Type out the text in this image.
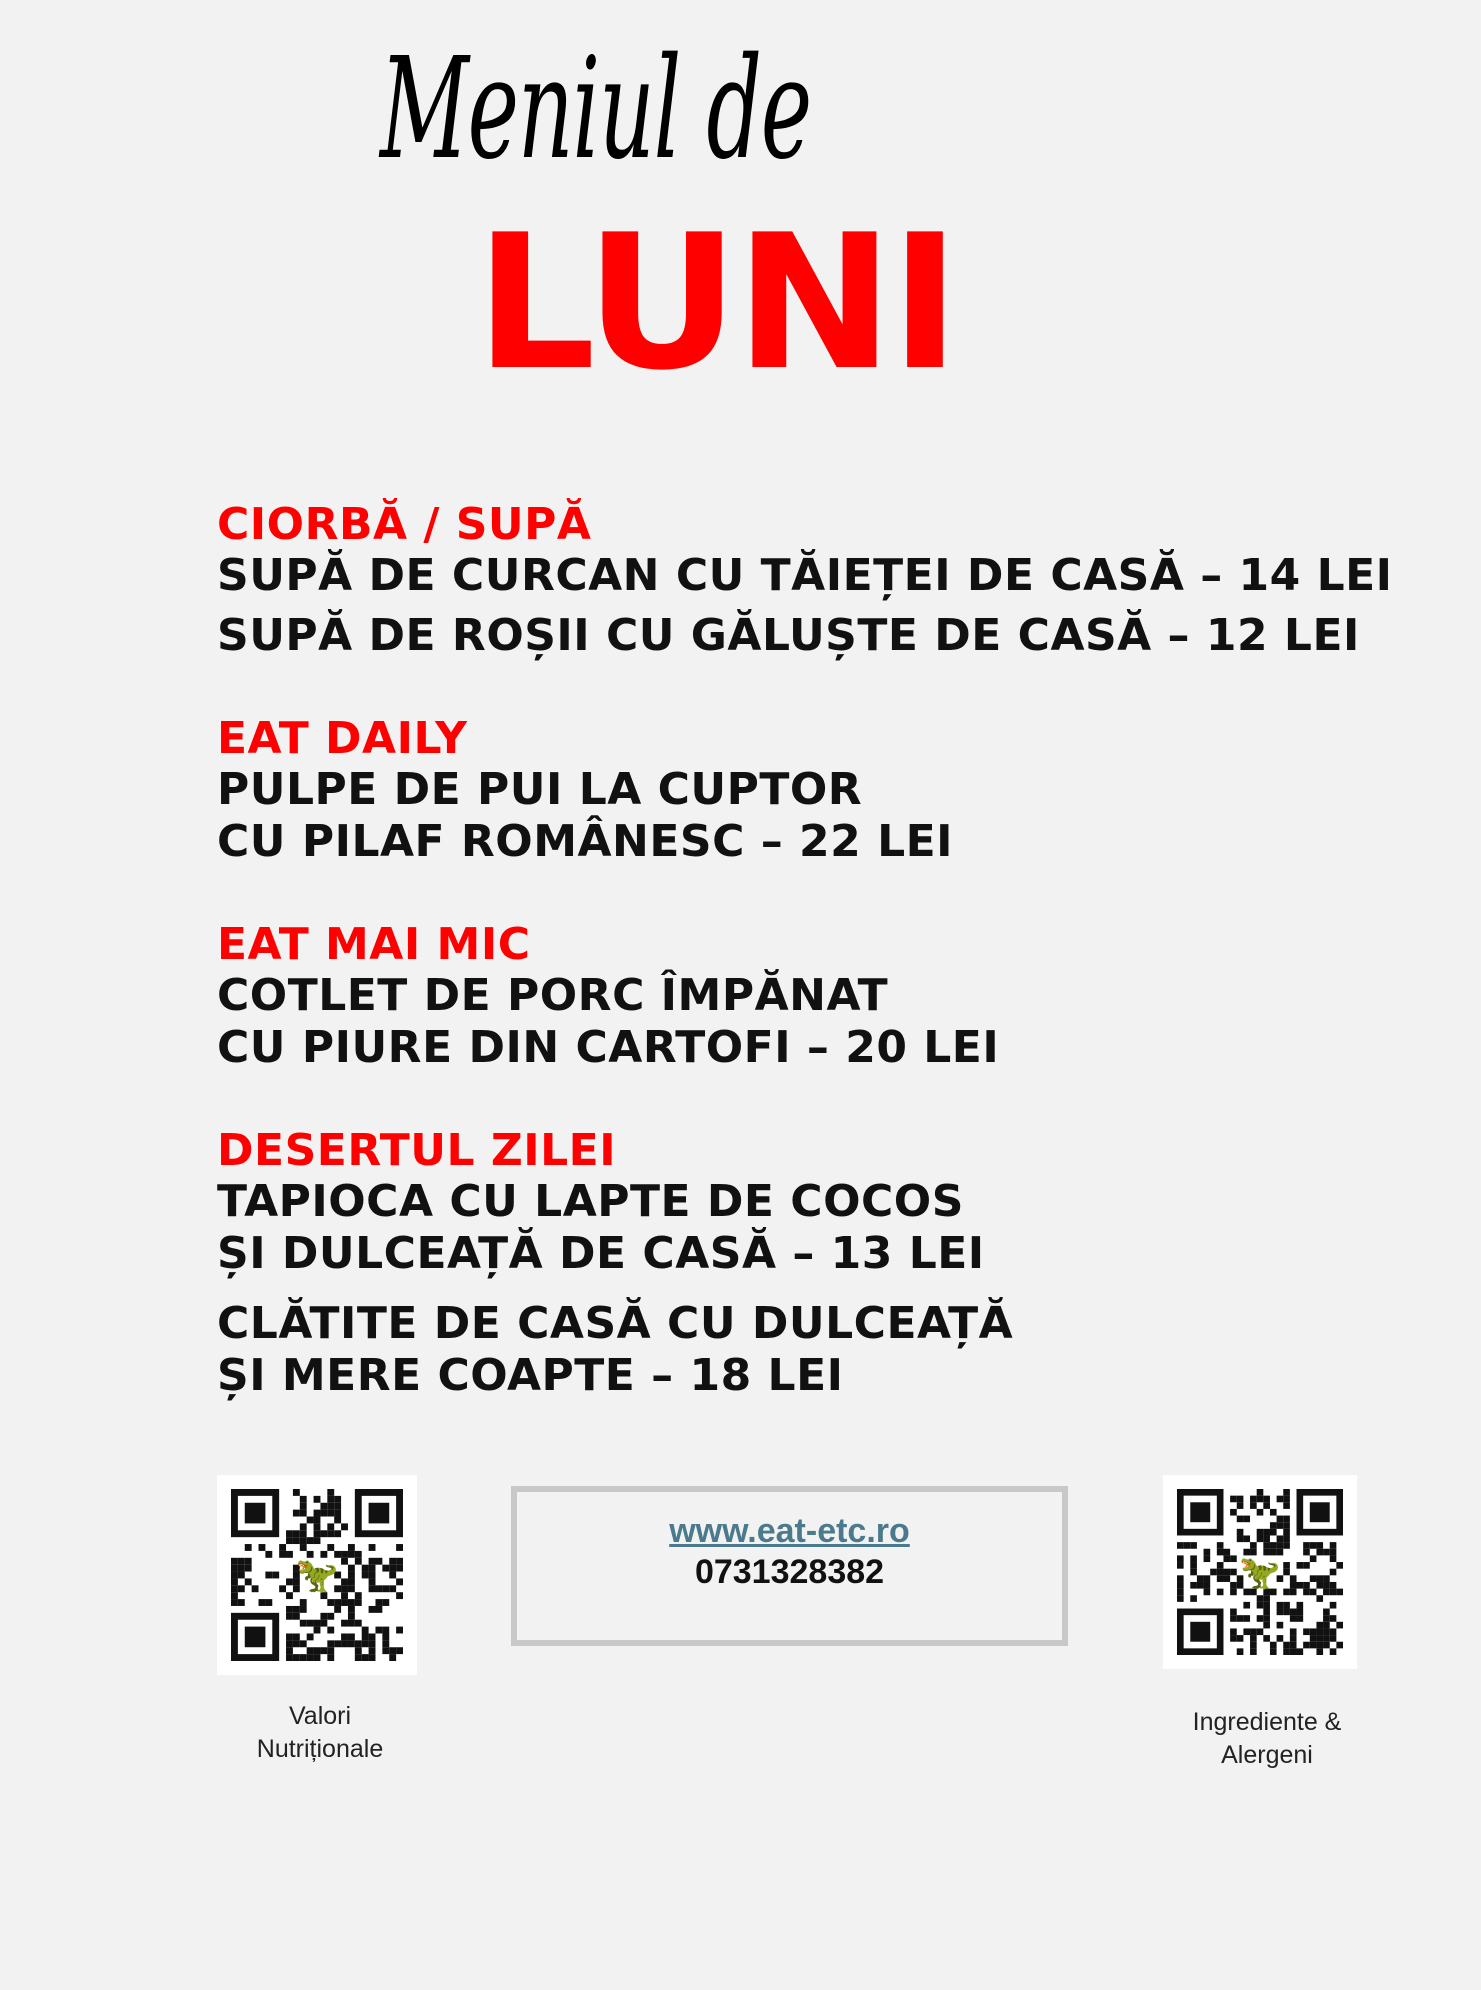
Meniul de
LUNI
CIORBĂ / SUPĂ
SUPĂ DE CURCAN CU TĂIEȚEI DE CASĂ – 14 LEI
SUPĂ DE ROȘII CU GĂLUȘTE DE CASĂ – 12 LEI
EAT DAILY
PULPE DE PUI LA CUPTOR
CU PILAF ROMÂNESC – 22 LEI
EAT MAI MIC
COTLET DE PORC ÎMPĂNAT
CU PIURE DIN CARTOFI – 20 LEI
DESERTUL ZILEI
TAPIOCA CU LAPTE DE COCOS
ȘI DULCEAȚĂ DE CASĂ – 13 LEI
CLĂTITE DE CASĂ CU DULCEAȚĂ
ȘI MERE COAPTE – 18 LEI
🦖
Valori
Nutriționale
www.eat-etc.ro
0731328382	🦖
Ingrediente &
Alergeni
